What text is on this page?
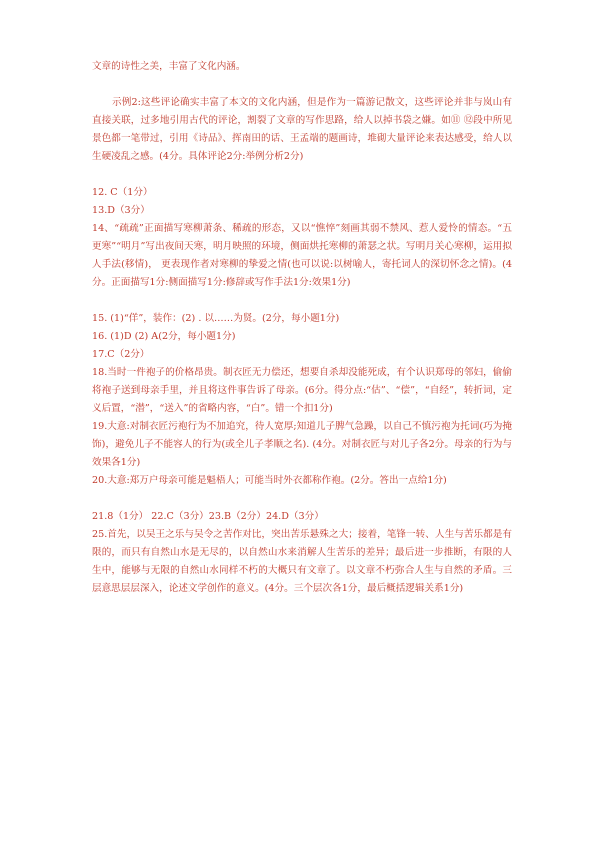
文章的诗性之美，丰富了文化内涵。

示例2:这些评论确实丰富了本文的文化内涵，但是作为一篇游记散文，这些评论并非与岚山有直接关联，过多地引用古代的评论，割裂了文章的写作思路，给人以掉书袋之嫌。如⑪ ⑫段中所见景色都一笔带过，引用《诗品》、挥南田的话、王孟端的题画诗，堆砌大量评论来表达感受，给人以生硬凌乱之感。(4分。具体评论2分:举例分析2分)

12. C（1分）

13.D（3分）

14、“疏疏”正面描写寒柳萧条、稀疏的形态，又以“憔悴”刻画其弱不禁风、惹人爱怜的情态。“五更寒”“明月”写出夜间天寒，明月映照的环境，侧面烘托寒柳的萧瑟之状。写明月关心寒柳，运用拟人手法(移情)， 更表现作者对寒柳的挚爱之情(也可以说:以树喻人，寄托词人的深切怀念之情)。(4分。正面描写1分:侧面描写1分:修辞或写作手法1分:效果1分)

15. (1)“佯”，装作：(2) . 以……为贤。(2分，每小题1分)

16. (1)D (2) A(2分，每小题1分)

17.C（2分）

18.当时一件袍子的价格昂贵。制衣匠无力偿还，想要自杀却没能死成，有个认识郑母的邻妇，偷偷将袍子送到母亲手里，并且将这件事告诉了母亲。(6分。得分点:“估”、“偿”，“自经”，转折词，定义后置，“潜”，“送入”的省略内容，“白”。错一个扣1分)

19.大意:对制衣匠污袍行为不加追究，待人宽厚;知道儿子脾气急躁，以自己不慎污袍为托词(巧为掩饰)，避免儿子不能容人的行为(或全儿子孝顺之名). (4分。对制衣匠与对儿子各2分。母亲的行为与效果各1分)

20.大意:郑万户母亲可能是魁梧人；可能当时外衣都称作袍。(2分。答出一点给1分)

21.8（1分） 22.C（3分）23.B（2分）24.D（3分）

25.首先，以吴王之乐与吴令之苦作对比，突出苦乐悬殊之大；接着，笔锋一转、人生与苦乐都是有限的，而只有自然山水是无尽的，以自然山水来消解人生苦乐的差异；最后进一步推断，有限的人生中，能够与无限的自然山水同样不朽的大概只有文章了。以文章不朽弥合人生与自然的矛盾。三层意思层层深入，论述文学创作的意义。(4分。三个层次各1分，最后概括逻辑关系1分)
